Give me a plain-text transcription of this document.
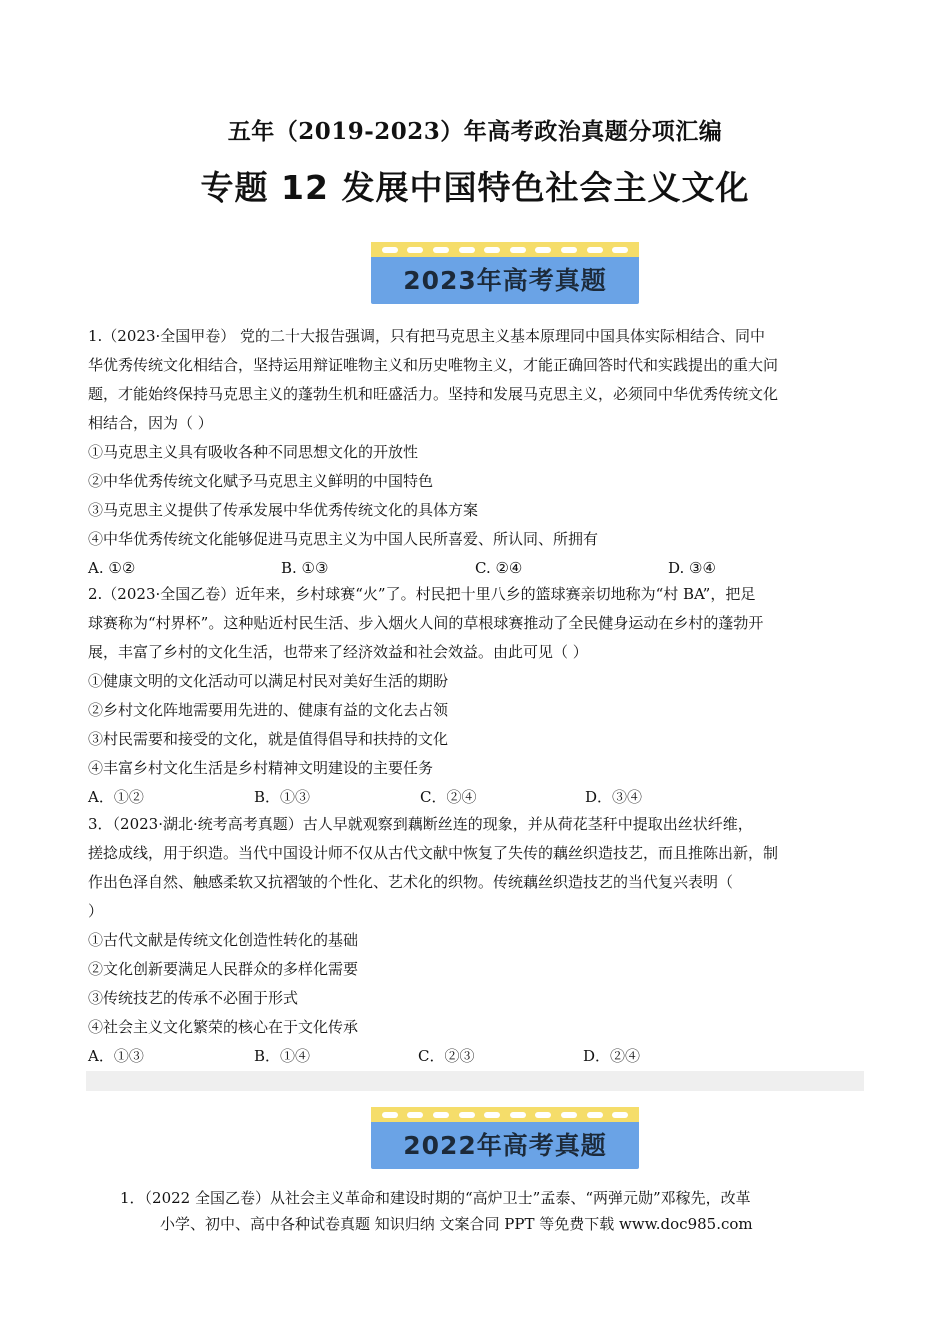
五年（2019-2023）年高考政治真题分项汇编
专题 12 发展中国特色社会主义文化
2023年高考真题
1.（2023·全国甲卷） 党的二十大报告强调，只有把马克思主义基本原理同中国具体实际相结合、同中
华优秀传统文化相结合，坚持运用辩证唯物主义和历史唯物主义，才能正确回答时代和实践提出的重大问
题，才能始终保持马克思主义的蓬勃生机和旺盛活力。坚持和发展马克思主义，必须同中华优秀传统文化
相结合，因为（ ）
①马克思主义具有吸收各种不同思想文化的开放性
②中华优秀传统文化赋予马克思主义鲜明的中国特色
③马克思主义提供了传承发展中华优秀传统文化的具体方案
④中华优秀传统文化能够促进马克思主义为中国人民所喜爱、所认同、所拥有
A. ①②	B. ①③	C. ②④	D. ③④
2.（2023·全国乙卷）近年来，乡村球赛“火”了。村民把十里八乡的篮球赛亲切地称为“村 BA”，把足
球赛称为“村界杯”。这种贴近村民生活、步入烟火人间的草根球赛推动了全民健身运动在乡村的蓬勃开
展，丰富了乡村的文化生活，也带来了经济效益和社会效益。由此可见（ ）
①健康文明的文化活动可以满足村民对美好生活的期盼
②乡村文化阵地需要用先进的、健康有益的文化去占领
③村民需要和接受的文化，就是值得倡导和扶持的文化
④丰富乡村文化生活是乡村精神文明建设的主要任务
A．①②	B．①③	C．②④	D．③④
3．（2023·湖北·统考高考真题）古人早就观察到藕断丝连的现象，并从荷花茎秆中提取出丝状纤维，
搓捻成线，用于织造。当代中国设计师不仅从古代文献中恢复了失传的藕丝织造技艺，而且推陈出新，制
作出色泽自然、触感柔软又抗褶皱的个性化、艺术化的织物。传统藕丝织造技艺的当代复兴表明（
）
①古代文献是传统文化创造性转化的基础
②文化创新要满足人民群众的多样化需要
③传统技艺的传承不必囿于形式
④社会主义文化繁荣的核心在于文化传承
A．①③	B．①④	C．②③	D．②④
2022年高考真题
1．（2022 全国乙卷）从社会主义革命和建设时期的“高炉卫士”孟泰、“两弹元勋”邓稼先，改革
小学、初中、高中各种试卷真题 知识归纳 文案合同 PPT 等免费下载 www.doc985.com
